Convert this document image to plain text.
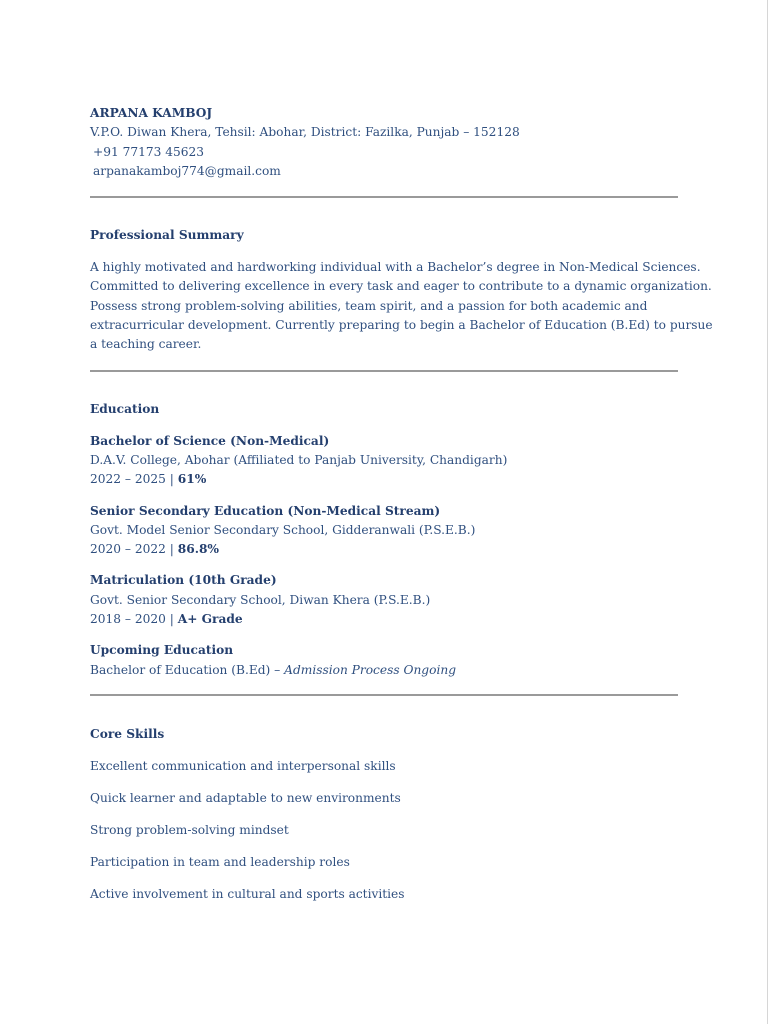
ARPANA KAMBOJ
V.P.O. Diwan Khera, Tehsil: Abohar, District: Fazilka, Punjab – 152128
+91 77173 45623
arpanakamboj774@gmail.com
Professional Summary
A highly motivated and hardworking individual with a Bachelor’s degree in Non-Medical Sciences.
Committed to delivering excellence in every task and eager to contribute to a dynamic organization.
Possess strong problem-solving abilities, team spirit, and a passion for both academic and
extracurricular development. Currently preparing to begin a Bachelor of Education (B.Ed) to pursue
a teaching career.
Education
Bachelor of Science (Non-Medical)
D.A.V. College, Abohar (Affiliated to Panjab University, Chandigarh)
2022 – 2025 | 61%
Senior Secondary Education (Non-Medical Stream)
Govt. Model Senior Secondary School, Gidderanwali (P.S.E.B.)
2020 – 2022 | 86.8%
Matriculation (10th Grade)
Govt. Senior Secondary School, Diwan Khera (P.S.E.B.)
2018 – 2020 | A+ Grade
Upcoming Education
Bachelor of Education (B.Ed) – Admission Process Ongoing
Core Skills
Excellent communication and interpersonal skills
Quick learner and adaptable to new environments
Strong problem-solving mindset
Participation in team and leadership roles
Active involvement in cultural and sports activities
